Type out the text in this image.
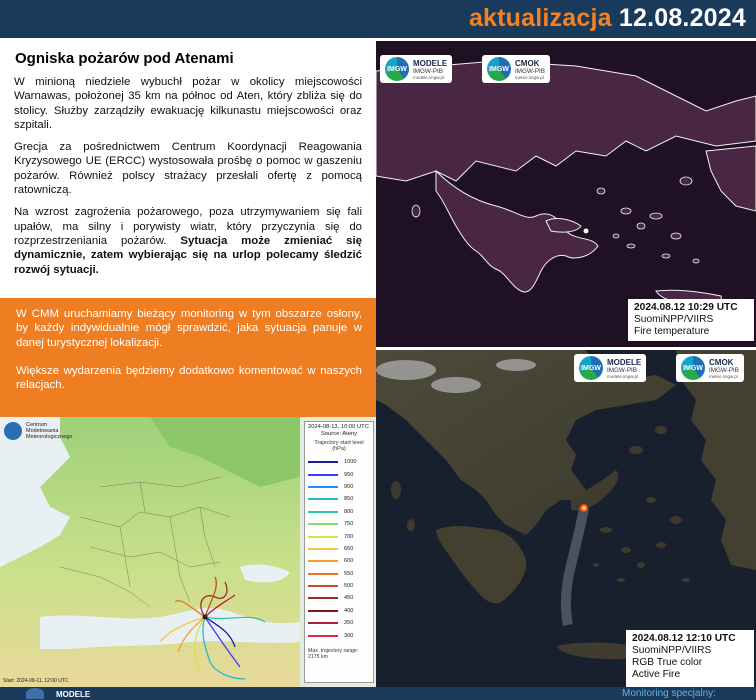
aktualizacja 12.08.2024
Ogniska pożarów pod Atenami

W minioną niedziele wybuchł pożar w okolicy miejscowości Warnawas, położonej 35 km na północ od Aten, który zbliża się do stolicy. Służby zarządziły ewakuację kilkunastu miejscowości oraz szpitali.

Grecja za pośrednictwem Centrum Koordynacji Reagowania Kryzysowego UE (ERCC) wystosowała prośbę o pomoc w gaszeniu pożarów. Również polscy strażacy przesłali ofertę z pomocą ratowniczą.

Na wzrost zagrożenia pożarowego, poza utrzymywaniem się fali upałów, ma silny i porywisty wiatr, który przyczynia się do rozprzestrzeniania pożarów. Sytuacja może zmieniać się dynamicznie, zatem wybierając się na urlop polecamy śledzić rozwój sytuacji.

W CMM uruchamiamy bieżący monitoring w tym obszarze osłony, by każdy indywidualnie mógł sprawdzić, jaka sytuacja panuje w danej turystycznej lokalizacji.

Większe wydarzenia będziemy dodatkowo komentować w naszych relacjach.

Centrum
Modelowania
Meteorologicznego
2024-08-13, 10:00 UTC
Source: Ateny
Trajectory start level (hPa)
1000
950
900
850
800
750
700
650
600
550
500
450
400
350
300
Max. trajectory range: 2175 km
Start: 2024-08-11, 12:00 UTC
IMGW
MODELE
IMGW-PIB
modele.imgw.pl
IMGW
CMOK
IMGW-PIB
meteo.imgw.pl
2024.08.12 10:29 UTC
SuomiNPP/VIIRS
Fire temperature
IMGW
MODELE
IMGW-PIB
modele.imgw.pl
IMGW
CMOK
IMGW-PIB
meteo.imgw.pl
2024.08.12 12:10 UTC
SuomiNPP/VIIRS
RGB True color
Active Fire
MODELE	Monitoring specjalny:
